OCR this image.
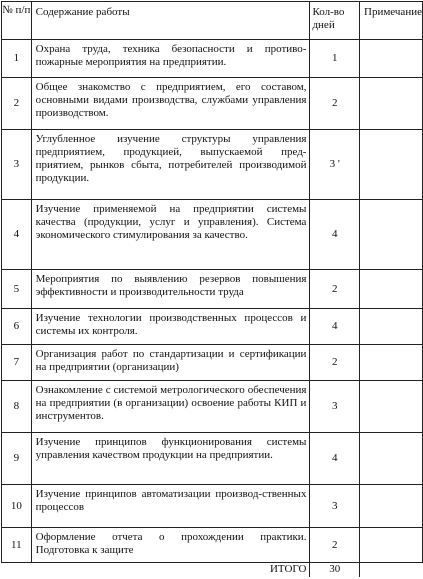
№ п/п	Содержание работы	Кол-во дней	Примечание
1	Охрана труда, техника безопасности и противо-пожарные мероприятия на предприятии.	1	
2	Общее знакомство с предприятием, его составом, основными видами производства, службами управления производством.	2	
3	Углубленное изучение структуры управления предприятием, продукцией, выпускаемой пред-приятием, рынков сбыта, потребителей производимой продукции.	3 '	
4	Изучение применяемой на предприятии системы качества (продукции, услуг и управления). Система экономического стимулирования за качество.	4	
5	Мероприятия по выявлению резервов повышения эффективности и производительности труда	2	
6	Изучение технологии производственных процессов и системы их контроля.	4	
7	Организация работ по стандартизации и сертификации на предприятии (организации)	2	
8	Ознакомление с системой метрологического обеспечения на предприятии (в организации) освоение работы КИП и инструментов.	3	
9	Изучение принципов функционирования системы управления качеством продукции на предприятии.	4	
10	Изучение принципов автоматизации производ-ственных процессов	3	
11	Оформление отчета о прохождении практики. Подготовка к защите	2	
	ИТОГО	30	
